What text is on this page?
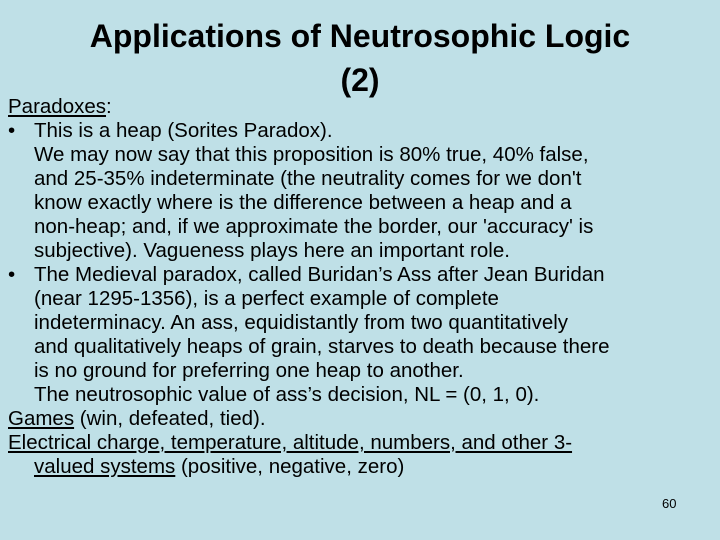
Applications of Neutrosophic Logic
(2)
Paradoxes:
• This is a heap (Sorites Paradox).
We may now say that this proposition is 80% true, 40% false,
and 25-35% indeterminate (the neutrality comes for we don't
know exactly where is the difference between a heap and a
non‑heap; and, if we approximate the border, our 'accuracy' is
subjective). Vagueness plays here an important role.
• The Medieval paradox, called Buridan’s Ass after Jean Buridan
(near 1295-1356), is a perfect example of complete
indeterminacy. An ass, equidistantly from two quantitatively
and qualitatively heaps of grain, starves to death because there
is no ground for preferring one heap to another.
The neutrosophic value of ass’s decision, NL = (0, 1, 0).
Games (win, defeated, tied).
Electrical charge, temperature, altitude, numbers, and other 3-
valued systems (positive, negative, zero)
60
